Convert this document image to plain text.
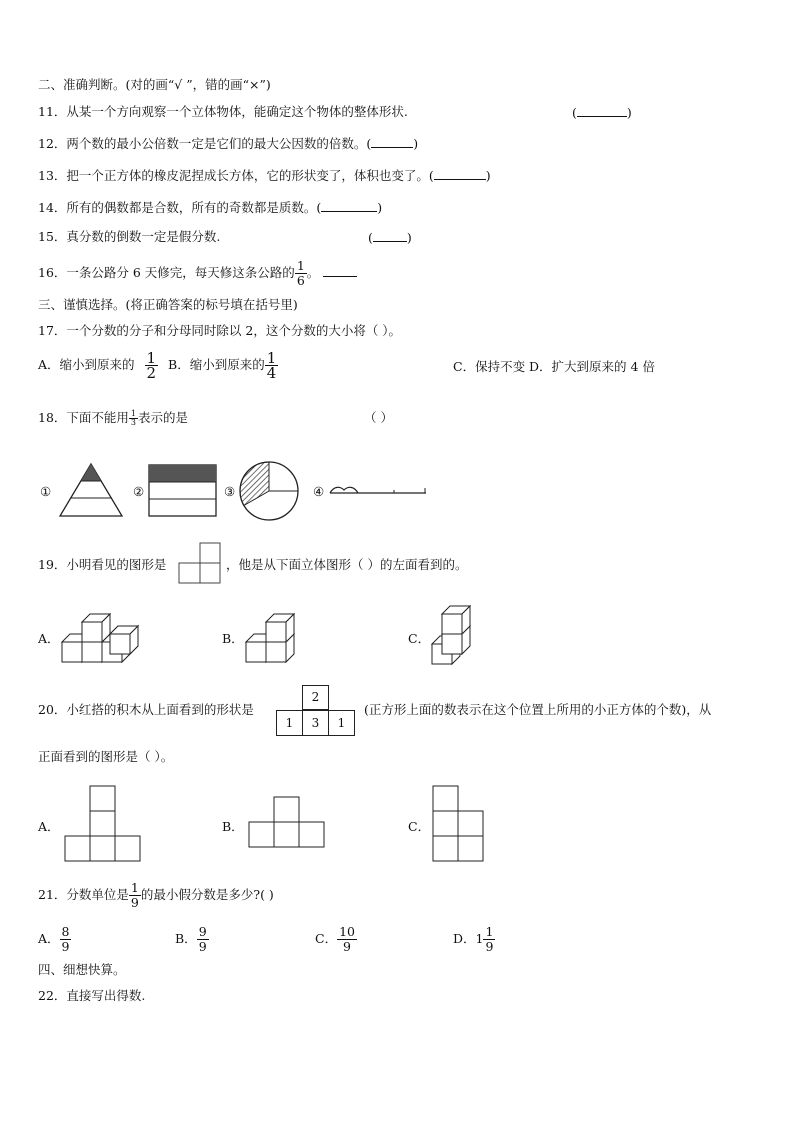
二、准确判断。(对的画“√ ”，错的画“×”)
11．从某一个方向观察一个立体物体，能确定这个物体的整体形状.	(	)
12．两个数的最小公倍数一定是它们的最大公因数的倍数。(	)
13．把一个正方体的橡皮泥捏成长方体，它的形状变了，体积也变了。(	)
14．所有的偶数都是合数，所有的奇数都是质数。(	)
15．真分数的倒数一定是假分数.	(	)
16．一条公路分 6 天修完，每天修这条公路的 $\frac{1}{6}$ 。
三、谨慎选择。(将正确答案的标号填在括号里)
17．一个分数的分子和分母同时除以 2，这个分数的大小将（ ）。
A．缩小到原来的 $\frac{1}{2}$ B．缩小到原来的 $\frac{1}{4}$	C．保持不变 D．扩大到原来的 4 倍
18．下面不能用 $\frac{1}{3}$ 表示的是	（ ）
①	②	③	④
19．小明看见的图形是	，他是从下面立体图形（ ）的左面看到的。
A．	B．	C．
20．小红搭的积木从上面看到的形状是
2
1	3	1
(正方形上面的数表示在这个位置上所用的小正方体的个数)，从
正面看到的图形是（ ）。
A．	B．	C．
21．分数单位是 $\frac{1}{9}$ 的最小假分数是多少?( )
A． $\frac{8}{9}$	B． $\frac{9}{9}$	C． $\frac{10}{9}$	D．$1 \frac{1}{9}$
四、细想快算。
22．直接写出得数.
